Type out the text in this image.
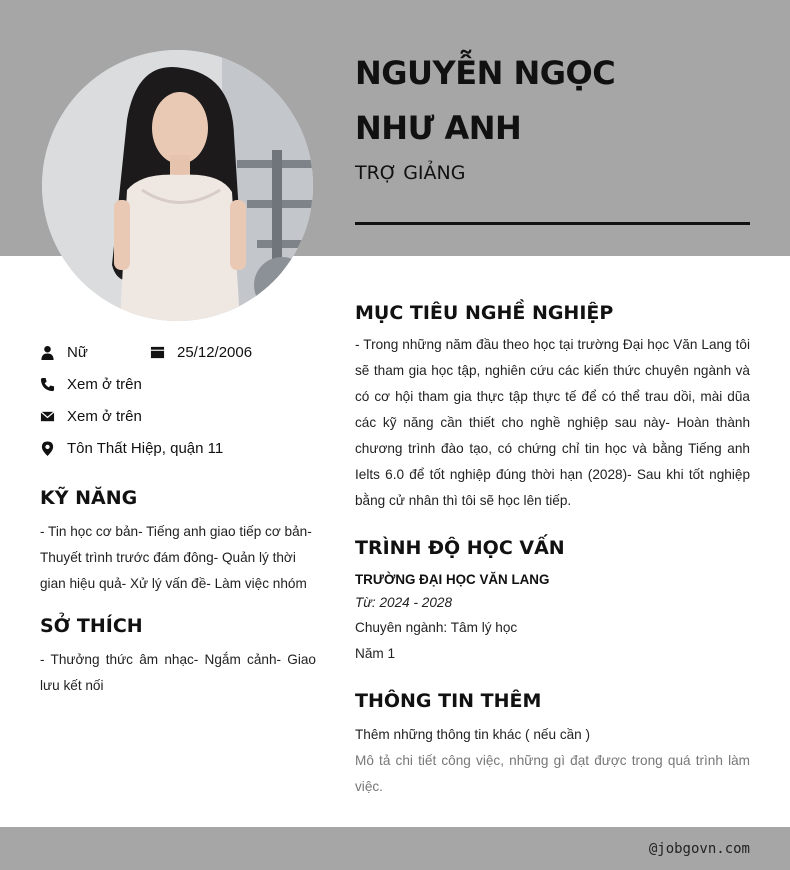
NGUYỄN NGỌC
NHƯ ANH
TRỢ GIẢNG
Nữ	25/12/2006
Xem ở trên
Xem ở trên
Tôn Thất Hiệp, quận 11
KỸ NĂNG
- Tin học cơ bản- Tiếng anh giao tiếp cơ bản- Thuyết trình trước đám đông- Quản lý thời gian hiệu quả- Xử lý vấn đề- Làm việc nhóm
SỞ THÍCH
- Thưởng thức âm nhạc- Ngắm cảnh- Giao lưu kết nối
MỤC TIÊU NGHỀ NGHIỆP
- Trong những năm đầu theo học tại trường Đại học Văn Lang tôi sẽ tham gia học tập, nghiên cứu các kiến thức chuyên ngành và có cơ hội tham gia thực tập thực tế để có thể trau dồi, mài dũa các kỹ năng cần thiết cho nghề nghiệp sau này- Hoàn thành chương trình đào tạo, có chứng chỉ tin học và bằng Tiếng anh Ielts 6.0 để tốt nghiệp đúng thời hạn (2028)- Sau khi tốt nghiệp bằng cử nhân thì tôi sẽ học lên tiếp.
TRÌNH ĐỘ HỌC VẤN
TRƯỜNG ĐẠI HỌC VĂN LANG
Từ: 2024 - 2028
Chuyên ngành: Tâm lý học
Năm 1
THÔNG TIN THÊM
Thêm những thông tin khác ( nếu cần )
Mô tả chi tiết công việc, những gì đạt được trong quá trình làm việc.
@jobgovn.com
